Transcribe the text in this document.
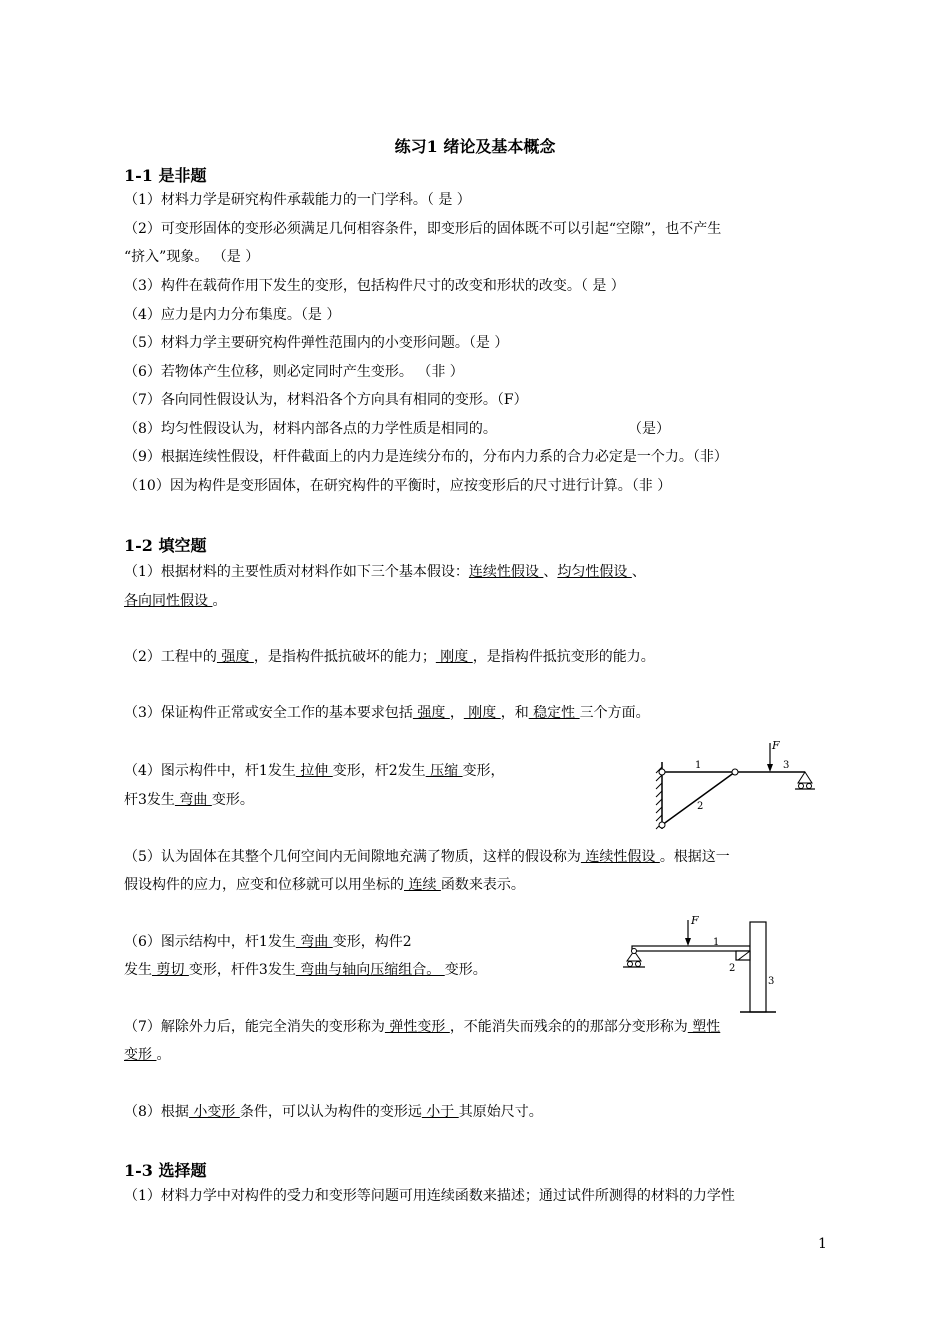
练习1 绪论及基本概念
1-1 是非题
（1）材料力学是研究构件承载能力的一门学科。（ 是 ）
（2）可变形固体的变形必须满足几何相容条件，即变形后的固体既不可以引起“空隙”，也不产生
“挤入”现象。 （是 ）
（3）构件在载荷作用下发生的变形，包括构件尺寸的改变和形状的改变。（ 是 ）
（4）应力是内力分布集度。（是 ）
（5）材料力学主要研究构件弹性范围内的小变形问题。（是 ）
（6）若物体产生位移，则必定同时产生变形。 （非 ）
（7）各向同性假设认为，材料沿各个方向具有相同的变形。（F）
（8）均匀性假设认为，材料内部各点的力学性质是相同的。	（是）
（9）根据连续性假设，杆件截面上的内力是连续分布的，分布内力系的合力必定是一个力。（非）
（10）因为构件是变形固体，在研究构件的平衡时，应按变形后的尺寸进行计算。（非 ）
1-2 填空题
（1）根据材料的主要性质对材料作如下三个基本假设：连续性假设 、均匀性假设 、
各向同性假设 。
（2）工程中的 强度 ，是指构件抵抗破坏的能力； 刚度 ，是指构件抵抗变形的能力。
（3）保证构件正常或安全工作的基本要求包括 强度 ， 刚度 ，和 稳定性 三个方面。
（4）图示构件中，杆1发生 拉伸 变形，杆2发生 压缩 变形，
杆3发生 弯曲 变形。
F
1
2
3
（5）认为固体在其整个几何空间内无间隙地充满了物质，这样的假设称为 连续性假设 。根据这一
假设构件的应力，应变和位移就可以用坐标的 连续 函数来表示。
（6）图示结构中，杆1发生 弯曲 变形，构件2
发生 剪切 变形，杆件3发生 弯曲与轴向压缩组合。 变形。
F
1
2
3
（7）解除外力后，能完全消失的变形称为 弹性变形 ，不能消失而残余的的那部分变形称为 塑性
变形 。
（8）根据 小变形 条件，可以认为构件的变形远 小于 其原始尺寸。
1-3 选择题
（1）材料力学中对构件的受力和变形等问题可用连续函数来描述；通过试件所测得的材料的力学性
1
